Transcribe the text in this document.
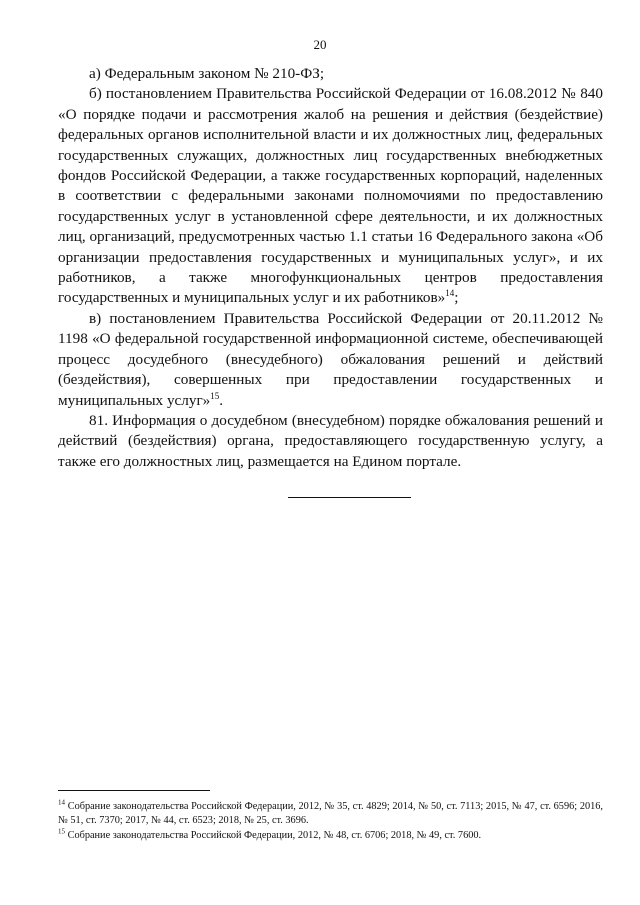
20

а) Федеральным законом № 210-ФЗ;

б) постановлением Правительства Российской Федерации от 16.08.2012 № 840 «О порядке подачи и рассмотрения жалоб на решения и действия (бездействие) федеральных органов исполнительной власти и их должностных лиц, федеральных государственных служащих, должностных лиц государственных внебюджетных фондов Российской Федерации, а также государственных корпораций, наделенных в соответствии с федеральными законами полномочиями по предоставлению государственных услуг в установленной сфере деятельности, и их должностных лиц, организаций, предусмотренных частью 1.1 статьи 16 Федерального закона «Об организации предоставления государственных и муниципальных услуг», и их работников, а также многофункциональных центров предоставления государственных и муниципальных услуг и их работников»$^{14}$;

в) постановлением Правительства Российской Федерации от 20.11.2012 № 1198 «О федеральной государственной информационной системе, обеспечивающей процесс досудебного (внесудебного) обжалования решений и действий (бездействия), совершенных при предоставлении государственных и муниципальных услуг»$^{15}$.

81. Информация о досудебном (внесудебном) порядке обжалования решений и действий (бездействия) органа, предоставляющего государственную услугу, а также его должностных лиц, размещается на Едином портале.

$^{14}$ Собрание законодательства Российской Федерации, 2012, № 35, ст. 4829; 2014, № 50, ст. 7113; 2015, № 47, ст. 6596; 2016, № 51, ст. 7370; 2017, № 44, ст. 6523; 2018, № 25, ст. 3696.

$^{15}$ Собрание законодательства Российской Федерации, 2012, № 48, ст. 6706; 2018, № 49, ст. 7600.
